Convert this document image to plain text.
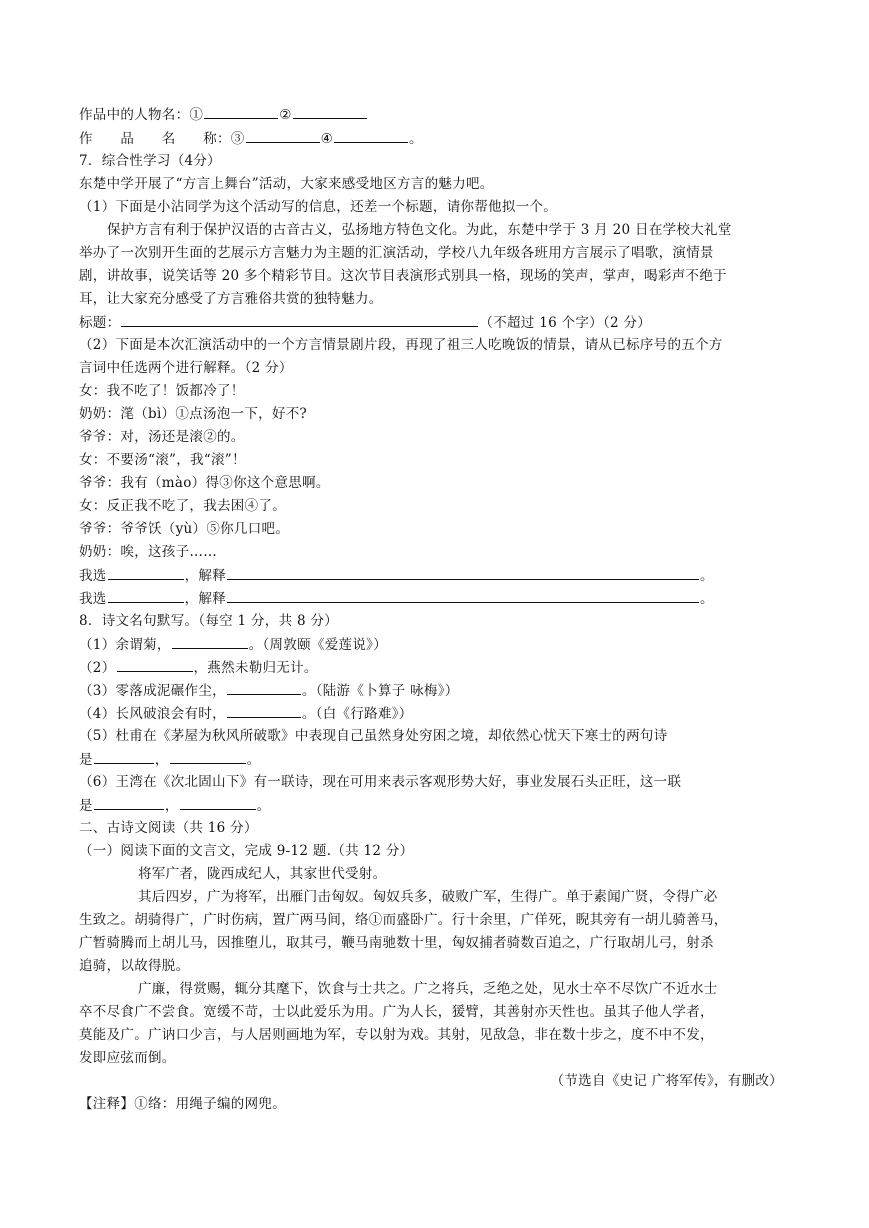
作品中的人物名：①	②
作　　品　　名　　称：③	④	。
7．综合性学习（4分）
东楚中学开展了“方言上舞台”活动，大家来感受地区方言的魅力吧。
（1）下面是小沾同学为这个活动写的信息，还差一个标题，请你帮他拟一个。
保护方言有利于保护汉语的古音古义，弘扬地方特色文化。为此，东楚中学于 3 月 20 日在学校大礼堂
举办了一次别开生面的艺展示方言魅力为主题的汇演活动，学校八九年级各班用方言展示了唱歌，演情景
剧，讲故事，说笑话等 20 多个精彩节目。这次节目表演形式别具一格，现场的笑声，掌声，喝彩声不绝于
耳，让大家充分感受了方言雅俗共赏的独特魅力。
标题：	（不超过 16 个字）（2 分）
（2）下面是本次汇演活动中的一个方言情景剧片段，再现了祖三人吃晚饭的情景，请从已标序号的五个方
言词中任选两个进行解释。（2 分）
女：我不吃了！饭都冷了！
奶奶：滗（bì）①点汤泡一下，好不?
爷爷：对，汤还是滚②的。
女：不要汤“滚”，我“滚”！
爷爷：我有（mào）得③你这个意思啊。
女：反正我不吃了，我去困④了。
爷爷：爷爷饫（yù）⑤你几口吧。
奶奶：唉，这孩子……
我选	，解释	。
我选	，解释	。
8．诗文名句默写。（每空 1 分，共 8 分）
（1）余谓菊，	。（周敦颐《爱莲说》）
（2）	，燕然未勒归无计。
（3）零落成泥碾作尘，	。（陆游《卜算子 咏梅》）
（4）长风破浪会有时，	。（白《行路难》）
（5）杜甫在《茅屋为秋风所破歌》中表现自己虽然身处穷困之境，却依然心忧天下寒士的两句诗
是	，	。
（6）王湾在《次北固山下》有一联诗，现在可用来表示客观形势大好，事业发展石头正旺，这一联
是	，	。
二、古诗文阅读（共 16 分）
（一）阅读下面的文言文，完成 9-12 题.（共 12 分）
将军广者，陇西成纪人，其家世代受射。
其后四岁，广为将军，出雁门击匈奴。匈奴兵多，破败广军，生得广。单于素闻广贤，令得广必
生致之。胡骑得广，广时伤病，置广两马间，络①而盛卧广。行十余里，广佯死，睨其旁有一胡儿骑善马，
广暂骑腾而上胡儿马，因推堕儿，取其弓，鞭马南驰数十里，匈奴捕者骑数百追之，广行取胡儿弓，射杀
追骑，以故得脱。
广廉，得赏赐，辄分其麾下，饮食与士共之。广之将兵，乏绝之处，见水士卒不尽饮广不近水士
卒不尽食广不尝食。宽缓不苛，士以此爱乐为用。广为人长，猨臂，其善射亦天性也。虽其子他人学者，
莫能及广。广讷口少言，与人居则画地为军，专以射为戏。其射，见敌急，非在数十步之，度不中不发，
发即应弦而倒。
（节选自《史记 广将军传》，有删改）
【注释】①络：用绳子编的网兜。
